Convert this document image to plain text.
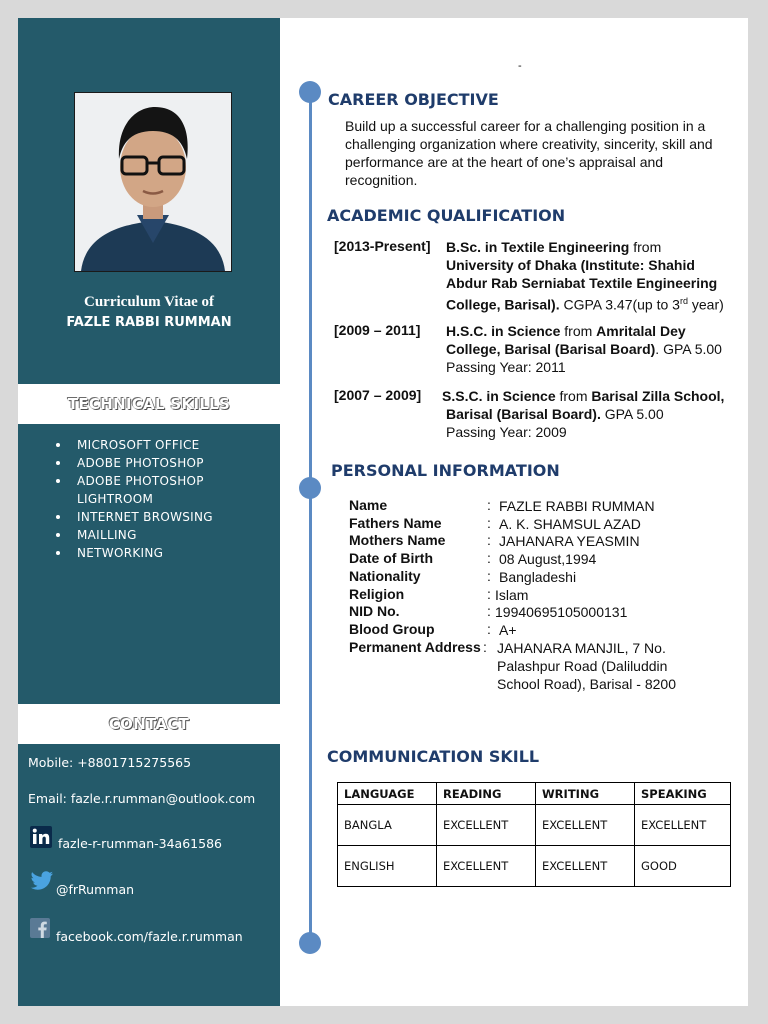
TECHNICAL SKILLS
CONTACT
Curriculum Vitae of
FAZLE RABBI RUMMAN
MICROSOFT OFFICE
ADOBE PHOTOSHOP
ADOBE PHOTOSHOP
LIGHTROOM
INTERNET BROWSING
MAILLING
NETWORKING
Mobile: +8801715275565
Email: fazle.r.rumman@outlook.com
fazle-r-rumman-34a61586
@frRumman
facebook.com/fazle.r.rumman
-
CAREER OBJECTIVE
Build up a successful career for a challenging position in a
challenging organization where creativity, sincerity, skill and
performance are at the heart of one’s appraisal and
recognition.
ACADEMIC QUALIFICATION
[2013-Present] B.Sc. in Textile Engineering from
University of Dhaka (Institute: Shahid
Abdur Rab Serniabat Textile Engineering
College, Barisal). CGPA 3.47(up to 3rd year)
[2009 – 2011] H.S.C. in Science from Amritalal Dey
College, Barisal (Barisal Board). GPA 5.00
Passing Year: 2011
[2007 – 2009] S.S.C. in Science from Barisal Zilla School,
Barisal (Barisal Board). GPA 5.00
Passing Year: 2009
PERSONAL INFORMATION
Name	: FAZLE RABBI RUMMAN
Fathers Name	: A. K. SHAMSUL AZAD
Mothers Name	: JAHANARA YEASMIN
Date of Birth	: 08 August,1994
Nationality	: Bangladeshi
Religion	: Islam
NID No.	: 19940695105000131
Blood Group	: A+
Permanent Address : JAHANARA MANJIL, 7 No.
Palashpur Road (Daliluddin
School Road), Barisal - 8200
COMMUNICATION SKILL
LANGUAGE	READING	WRITING	SPEAKING
BANGLA	EXCELLENT	EXCELLENT	EXCELLENT
ENGLISH	EXCELLENT	EXCELLENT	GOOD
